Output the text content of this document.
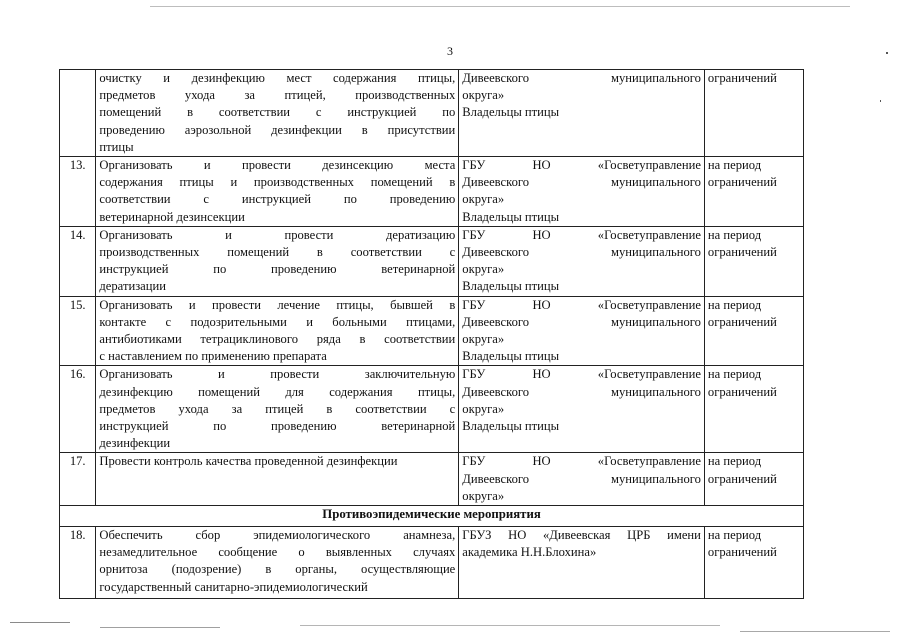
3

	очистку и дезинфекцию мест содержания птицы,
предметов ухода за птицей, производственных
помещений в соответствии с инструкцией по
проведению аэрозольной дезинфекции в присутствии
птицы	Дивеевского муниципального
округа»
Владельцы птицы	ограничений

13.	Организовать и провести дезинсекцию места
содержания птицы и производственных помещений в
соответствии с инструкцией по проведению
ветеринарной дезинсекции	ГБУ НО «Госветуправление
Дивеевского муниципального
округа»
Владельцы птицы	на период
ограничений

14.	Организовать и провести дератизацию
производственных помещений в соответствии с
инструкцией по проведению ветеринарной
дератизации	ГБУ НО «Госветуправление
Дивеевского муниципального
округа»
Владельцы птицы	на период
ограничений

15.	Организовать и провести лечение птицы, бывшей в
контакте с подозрительными и больными птицами,
антибиотиками тетрациклинового ряда в соответствии
с наставлением по применению препарата	ГБУ НО «Госветуправление
Дивеевского муниципального
округа»
Владельцы птицы	на период
ограничений

16.	Организовать и провести заключительную
дезинфекцию помещений для содержания птицы,
предметов ухода за птицей в соответствии с
инструкцией по проведению ветеринарной
дезинфекции	ГБУ НО «Госветуправление
Дивеевского муниципального
округа»
Владельцы птицы	на период
ограничений

17.	Провести контроль качества проведенной дезинфекции	ГБУ НО «Госветуправление
Дивеевского муниципального
округа»	на период
ограничений

Противоэпидемические мероприятия			
18.	Обеспечить сбор эпидемиологического анамнеза,
незамедлительное сообщение о выявленных случаях
орнитоза (подозрение) в органы, осуществляющие
государственный санитарно-эпидемиологический	ГБУЗ НО «Дивеевская ЦРБ имени
академика Н.Н.Блохина»	на период
ограничений
